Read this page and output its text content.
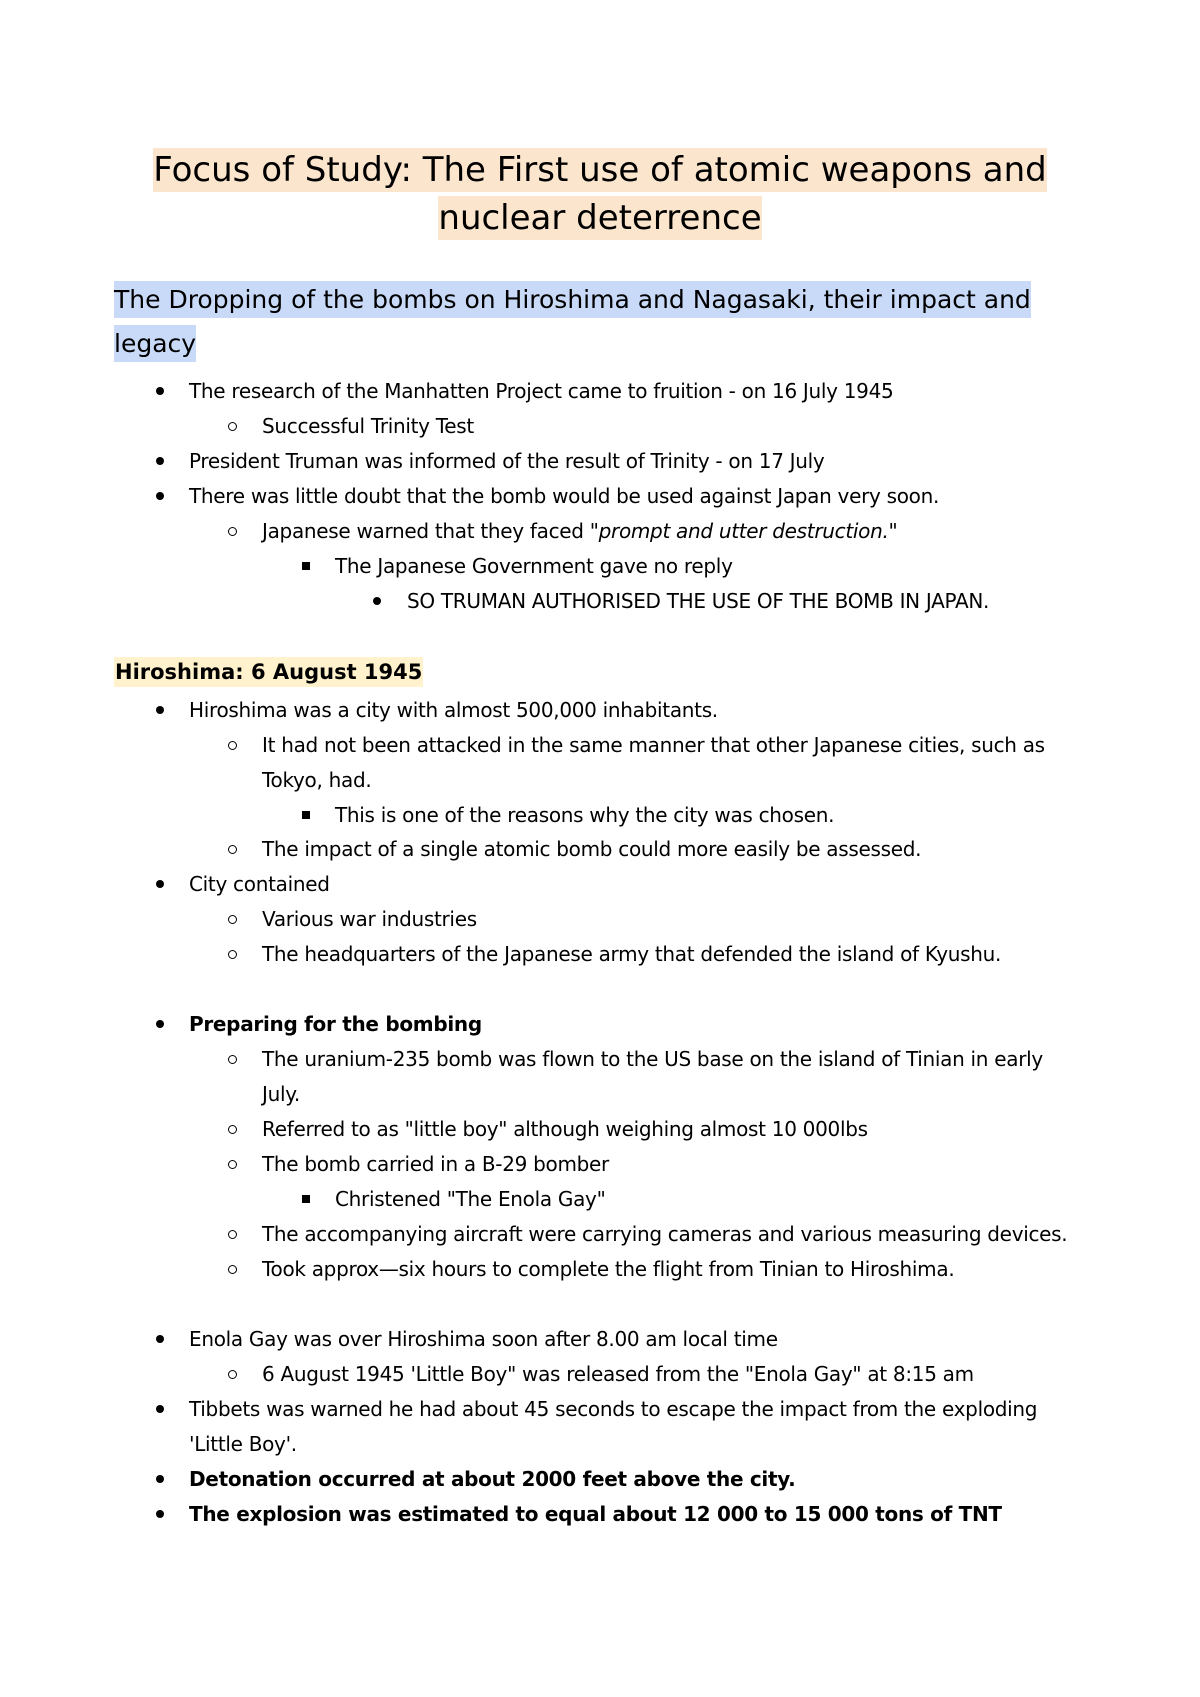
Focus of Study: The First use of atomic weapons and
nuclear deterrence
The Dropping of the bombs on Hiroshima and Nagasaki, their impact and
legacy
The research of the Manhatten Project came to fruition - on 16 July 1945
Successful Trinity Test
President Truman was informed of the result of Trinity - on 17 July
There was little doubt that the bomb would be used against Japan very soon.
Japanese warned that they faced "prompt and utter destruction."
The Japanese Government gave no reply
SO TRUMAN AUTHORISED THE USE OF THE BOMB IN JAPAN.
Hiroshima: 6 August 1945
Hiroshima was a city with almost 500,000 inhabitants.
It had not been attacked in the same manner that other Japanese cities, such as
Tokyo, had.
This is one of the reasons why the city was chosen.
The impact of a single atomic bomb could more easily be assessed.
City contained
Various war industries
The headquarters of the Japanese army that defended the island of Kyushu.
Preparing for the bombing
The uranium-235 bomb was flown to the US base on the island of Tinian in early
July.
Referred to as "little boy" although weighing almost 10 000lbs
The bomb carried in a B-29 bomber
Christened "The Enola Gay"
The accompanying aircraft were carrying cameras and various measuring devices.
Took approx—six hours to complete the flight from Tinian to Hiroshima.
Enola Gay was over Hiroshima soon after 8.00 am local time
6 August 1945 'Little Boy" was released from the "Enola Gay" at 8:15 am
Tibbets was warned he had about 45 seconds to escape the impact from the exploding
'Little Boy'.
Detonation occurred at about 2000 feet above the city.
The explosion was estimated to equal about 12 000 to 15 000 tons of TNT
